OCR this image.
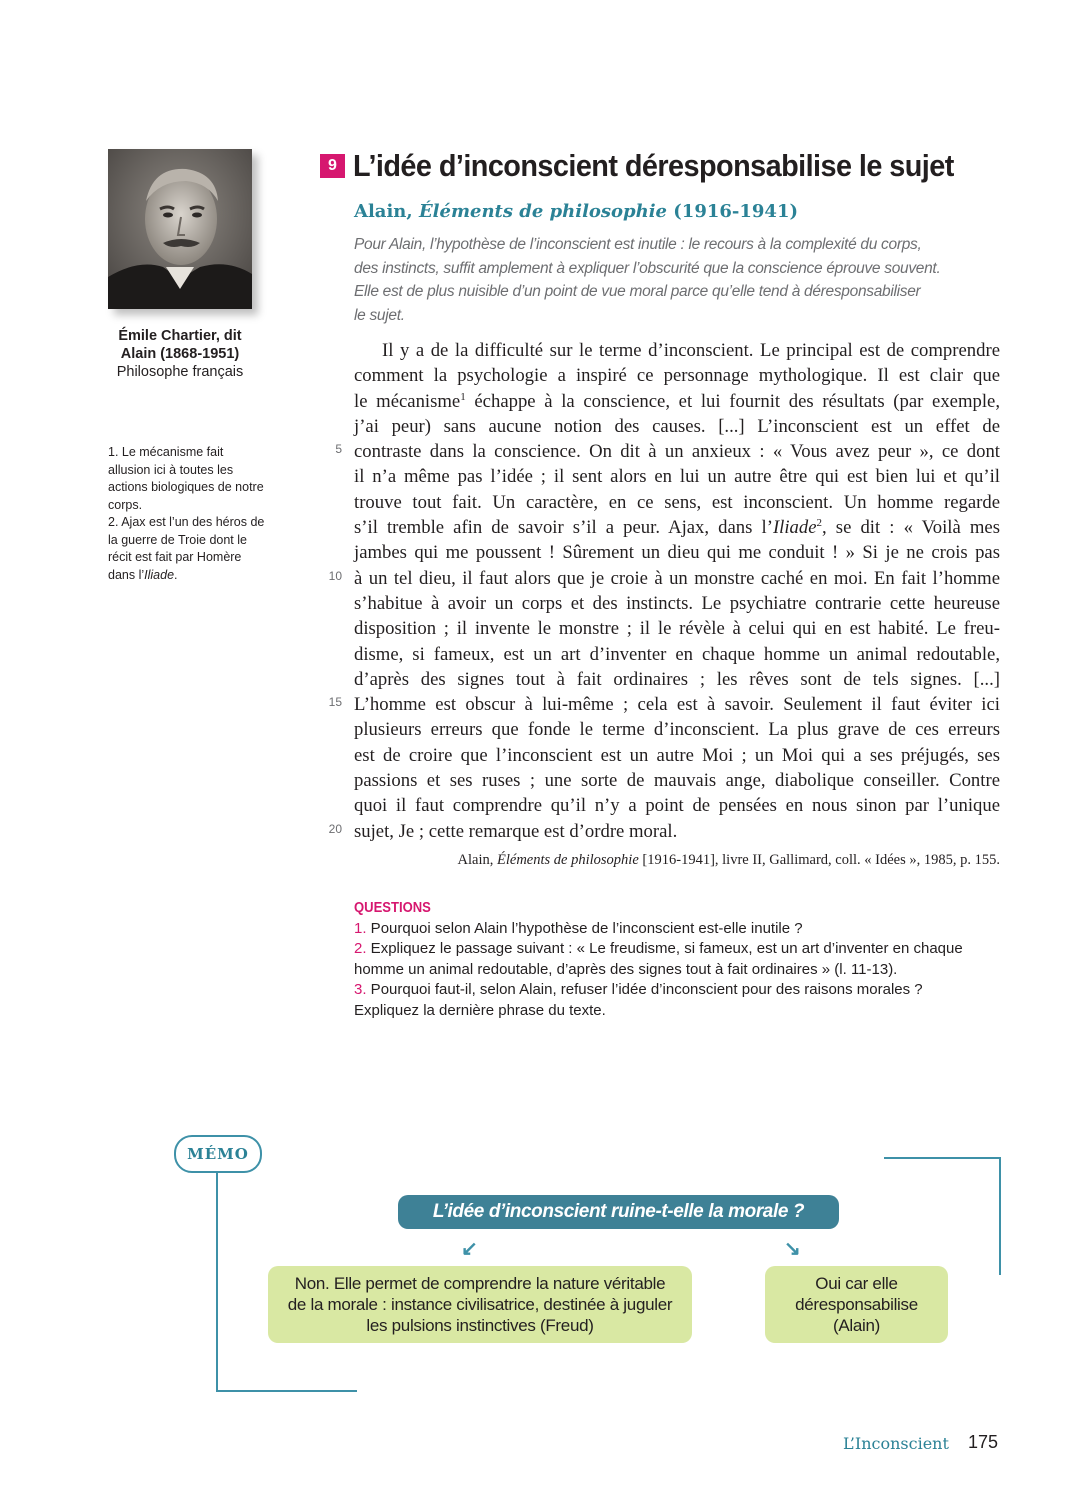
Émile Chartier, dit
Alain (1868-1951)
Philosophe français

1. Le mécanisme fait allusion ici à toutes les actions biologiques de notre corps.

2. Ajax est l’un des héros de la guerre de Troie dont le récit est fait par Homère dans l’Iliade.

9 L’idée d’inconscient déresponsabilise le sujet
Alain, Éléments de philosophie (1916-1941)

Pour Alain, l’hypothèse de l’inconscient est inutile : le recours à la complexité du corps,

des instincts, suffit amplement à expliquer l’obscurité que la conscience éprouve souvent.

Elle est de plus nuisible d’un point de vue moral parce qu’elle tend à déresponsabiliser

le sujet.

5
10
15
20
Il y a de la difficulté sur le terme d’inconscient. Le principal est de comprendre
comment la psychologie a inspiré ce personnage mythologique. Il est clair que
le mécanisme$^1$ échappe à la conscience, et lui fournit des résultats (par exemple,
j’ai peur) sans aucune notion des causes. [...] L’inconscient est un effet de
contraste dans la conscience. On dit à un anxieux : « Vous avez peur », ce dont
il n’a même pas l’idée ; il sent alors en lui un autre être qui est bien lui et qu’il
trouve tout fait. Un caractère, en ce sens, est inconscient. Un homme regarde
s’il tremble afin de savoir s’il a peur. Ajax, dans l’Iliade$^2$, se dit : « Voilà mes
jambes qui me poussent ! Sûrement un dieu qui me conduit ! » Si je ne crois pas
à un tel dieu, il faut alors que je croie à un monstre caché en moi. En fait l’homme
s’habitue à avoir un corps et des instincts. Le psychiatre contrarie cette heureuse
disposition ; il invente le monstre ; il le révèle à celui qui en est habité. Le freu-
disme, si fameux, est un art d’inventer en chaque homme un animal redoutable,
d’après des signes tout à fait ordinaires ; les rêves sont de tels signes. [...]
L’homme est obscur à lui-même ; cela est à savoir. Seulement il faut éviter ici
plusieurs erreurs que fonde le terme d’inconscient. La plus grave de ces erreurs
est de croire que l’inconscient est un autre Moi ; un Moi qui a ses préjugés, ses
passions et ses ruses ; une sorte de mauvais ange, diabolique conseiller. Contre
quoi il faut comprendre qu’il n’y a point de pensées en nous sinon par l’unique
sujet, Je ; cette remarque est d’ordre moral.
Alain, Éléments de philosophie [1916-1941], livre II, Gallimard, coll. « Idées », 1985, p. 155.
QUESTIONS

1. Pourquoi selon Alain l’hypothèse de l’inconscient est-elle inutile ?

2. Expliquez le passage suivant : « Le freudisme, si fameux, est un art d’inventer en chaque

homme un animal redoutable, d’après des signes tout à fait ordinaires » (l. 11-13).

3. Pourquoi faut-il, selon Alain, refuser l’idée d’inconscient pour des raisons morales ?

Expliquez la dernière phrase du texte.

MÉMO
L’idée d’inconscient ruine-t-elle la morale ?
↙	↘
Non. Elle permet de comprendre la nature véritable
de la morale : instance civilisatrice, destinée à juguler
les pulsions instinctives (Freud)
Oui car elle
déresponsabilise
(Alain)
L’Inconscient 175
